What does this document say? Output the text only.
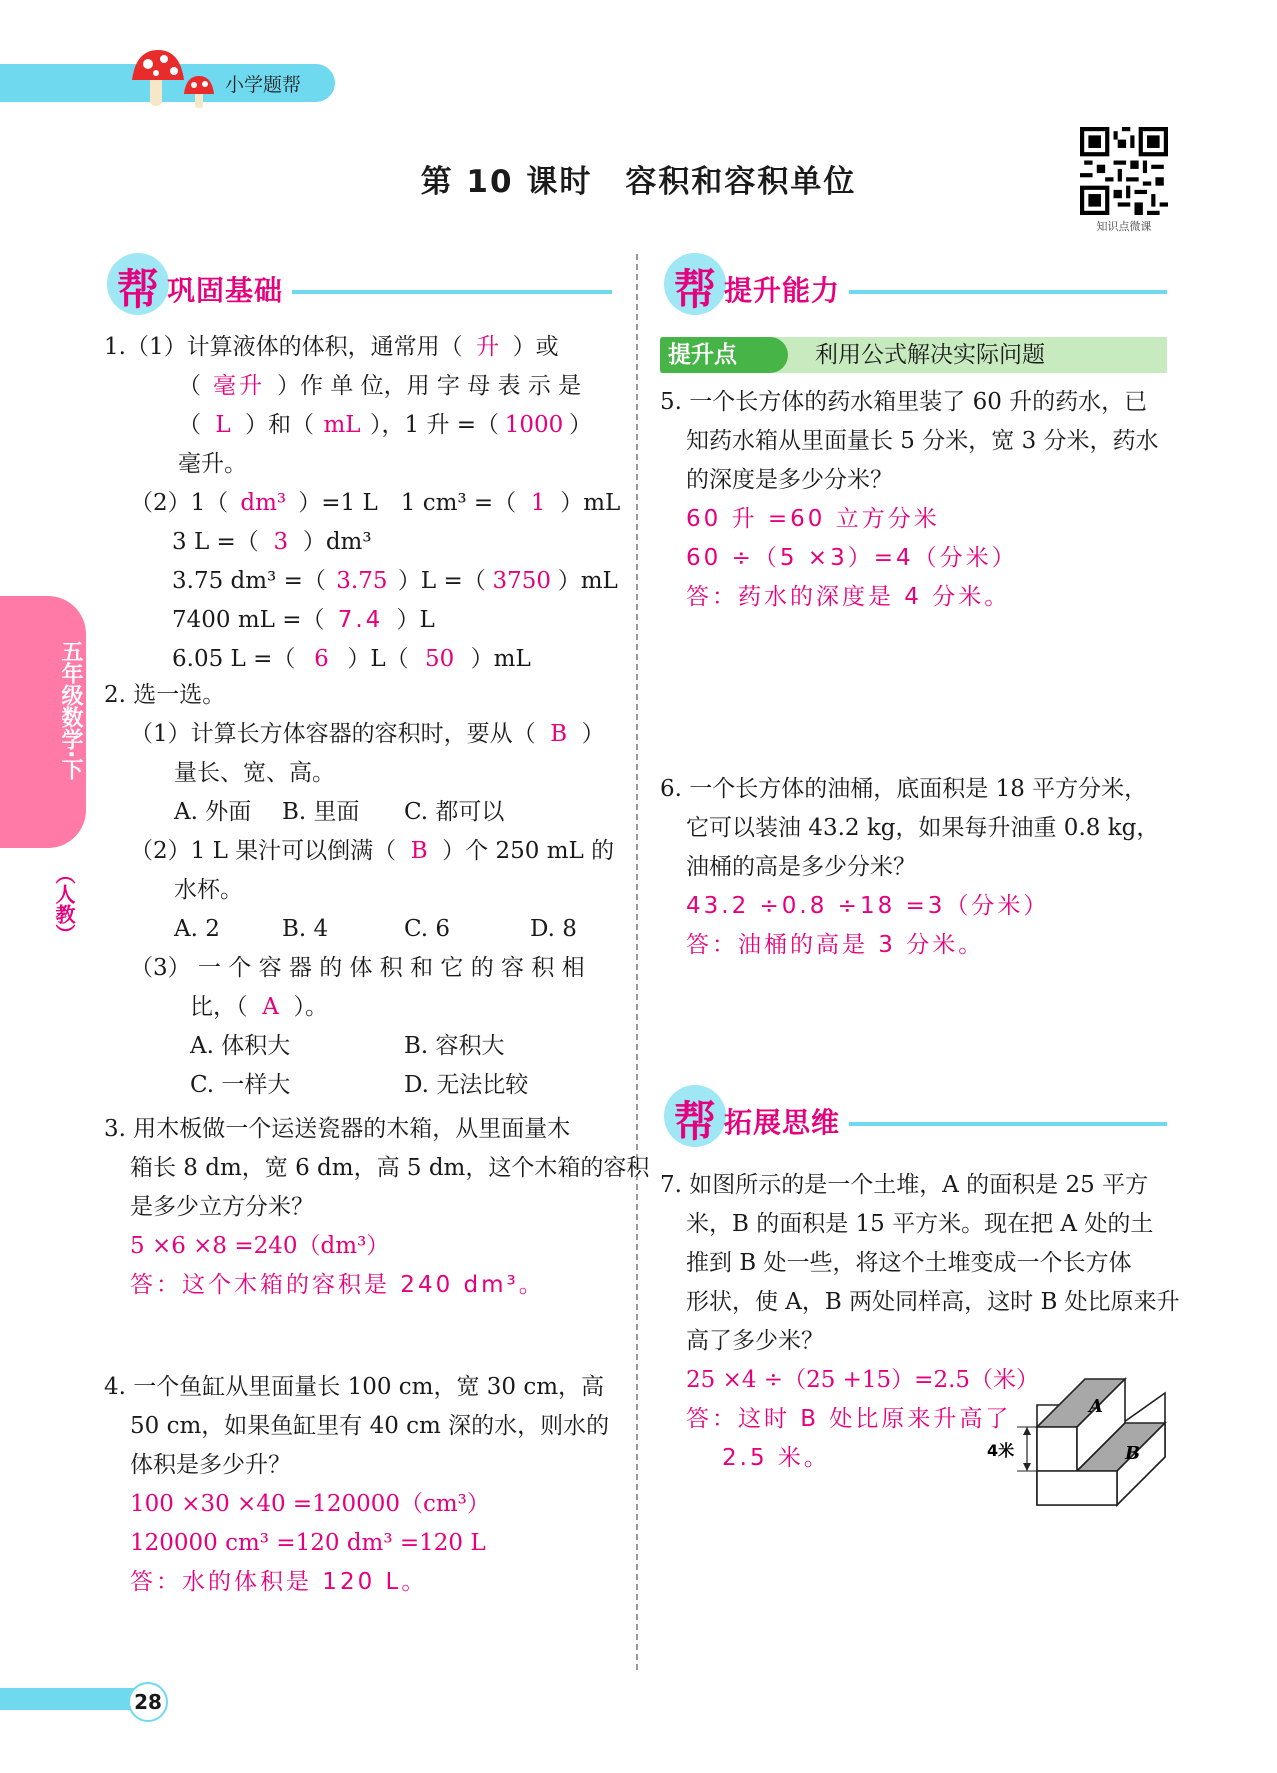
小学题帮
第 10 课时　容积和容积单位
知识点微课
五年级数学·下
（人教）
帮 巩固基础	帮 提升能力
帮 拓展思维
提升点	利用公式解决实际问题
1.（1）计算液体的体积，通常用（ 升 ）或
（ 毫升 ）作 单 位，用 字 母 表 示 是
（ L ）和（ mL ），1 升 =（ 1000 ）
毫升。
（2）1（ dm³ ）=1 L　1 cm³ =（ 1 ）mL
3 L =（ 3 ）dm³
3.75 dm³ =（ 3.75 ）L =（ 3750 ）mL
7400 mL =（ 7.4 ）L
6.05 L =（ 6 ）L（ 50 ）mL
2. 选一选。
（1）计算长方体容器的容积时，要从（ B ）
量长、宽、高。
A. 外面 B. 里面 C. 都可以
（2）1 L 果汁可以倒满（ B ）个 250 mL 的
水杯。
A. 2	B. 4	C. 6	D. 8
（3） 一 个 容 器 的 体 积 和 它 的 容 积 相
比，（ A ）。
A. 体积大	B. 容积大
C. 一样大	D. 无法比较
3. 用木板做一个运送瓷器的木箱，从里面量木
箱长 8 dm，宽 6 dm，高 5 dm，这个木箱的容积
是多少立方分米？
5 ×6 ×8 =240（dm³）
答：这个木箱的容积是 240 dm³。
4. 一个鱼缸从里面量长 100 cm，宽 30 cm，高
50 cm，如果鱼缸里有 40 cm 深的水，则水的
体积是多少升？
100 ×30 ×40 =120000（cm³）
120000 cm³ =120 dm³ =120 L
答：水的体积是 120 L。
5. 一个长方体的药水箱里装了 60 升的药水，已
知药水箱从里面量长 5 分米，宽 3 分米，药水
的深度是多少分米？
60 升 =60 立方分米
60 ÷（5 ×3）=4（分米）
答：药水的深度是 4 分米。
6. 一个长方体的油桶，底面积是 18 平方分米，
它可以装油 43.2 kg，如果每升油重 0.8 kg，
油桶的高是多少分米？
43.2 ÷0.8 ÷18 =3（分米）
答：油桶的高是 3 分米。
7. 如图所示的是一个土堆，A 的面积是 25 平方
米，B 的面积是 15 平方米。现在把 A 处的土
推到 B 处一些，将这个土堆变成一个长方体
形状，使 A，B 两处同样高，这时 B 处比原来升
高了多少米？
25 ×4 ÷（25 +15）=2.5（米）
答：这时 B 处比原来升高了
2.5 米。
A
B
4米
28
